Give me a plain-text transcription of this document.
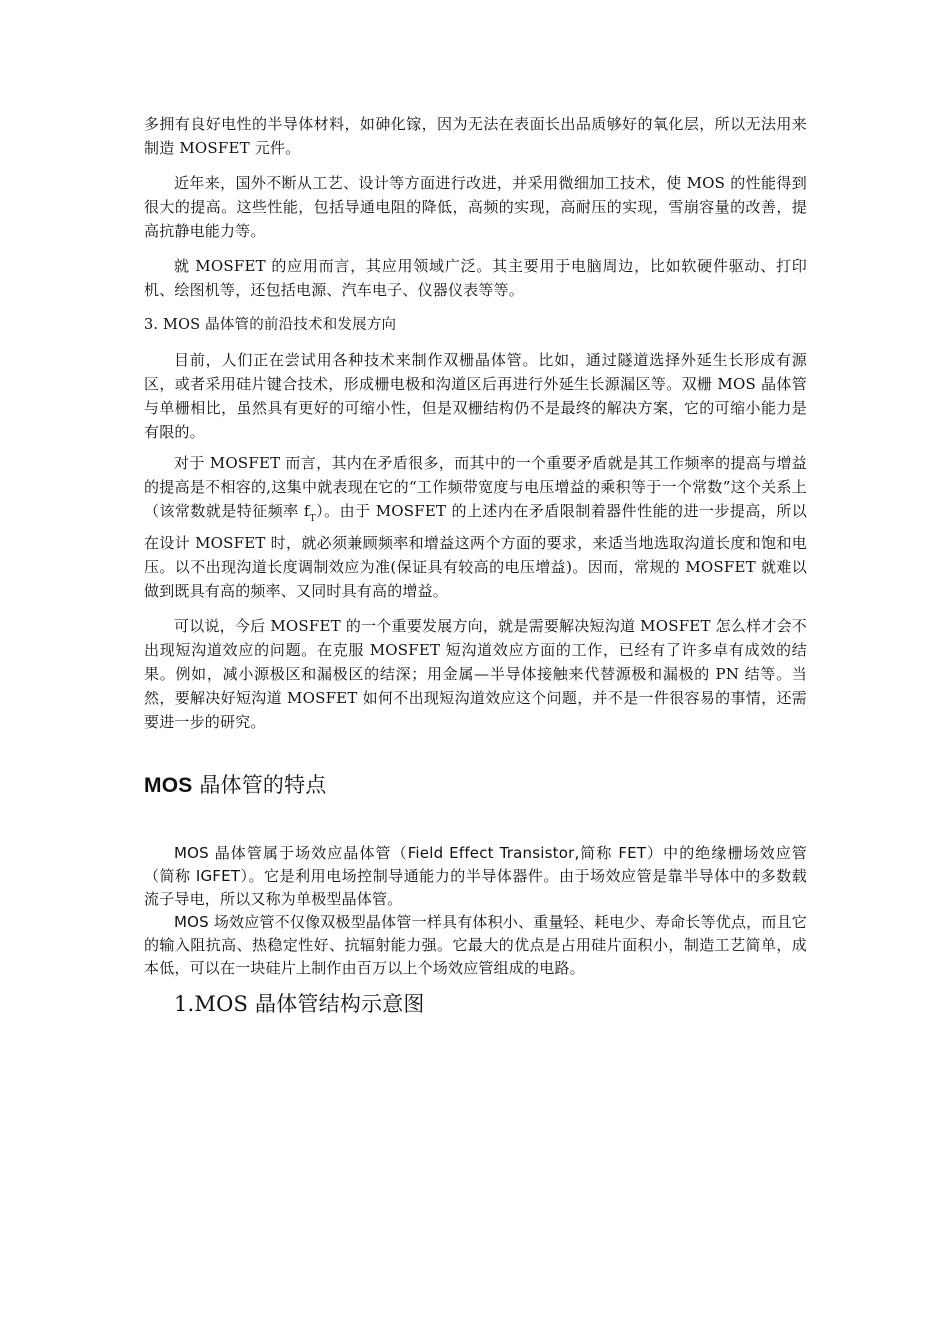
多拥有良好电性的半导体材料，如砷化镓，因为无法在表面长出品质够好的氧化层，所以无法用来制造 MOSFET 元件。

近年来，国外不断从工艺、设计等方面进行改进，并采用微细加工技术，使 MOS 的性能得到很大的提高。这些性能，包括导通电阻的降低，高频的实现，高耐压的实现，雪崩容量的改善，提高抗静电能力等。

就 MOSFET 的应用而言，其应用领域广泛。其主要用于电脑周边，比如软硬件驱动、打印机、绘图机等，还包括电源、汽车电子、仪器仪表等等。

3. MOS 晶体管的前沿技术和发展方向

目前，人们正在尝试用各种技术来制作双栅晶体管。比如，通过隧道选择外延生长形成有源区，或者采用硅片键合技术，形成栅电极和沟道区后再进行外延生长源漏区等。双栅 MOS 晶体管与单栅相比，虽然具有更好的可缩小性，但是双栅结构仍不是最终的解决方案，它的可缩小能力是有限的。

对于 MOSFET 而言，其内在矛盾很多，而其中的一个重要矛盾就是其工作频率的提高与增益的提高是不相容的,这集中就表现在它的“工作频带宽度与电压增益的乘积等于一个常数”这个关系上（该常数就是特征频率 $f_T$）。由于 MOSFET 的上述内在矛盾限制着器件性能的进一步提高，所以在设计 MOSFET 时，就必须兼顾频率和增益这两个方面的要求，来适当地选取沟道长度和饱和电压。以不出现沟道长度调制效应为准(保证具有较高的电压增益)。因而，常规的 MOSFET 就难以做到既具有高的频率、又同时具有高的增益。

可以说，今后 MOSFET 的一个重要发展方向，就是需要解决短沟道 MOSFET 怎么样才会不出现短沟道效应的问题。在克服 MOSFET 短沟道效应方面的工作，已经有了许多卓有成效的结果。例如，减小源极区和漏极区的结深；用金属—半导体接触来代替源极和漏极的 PN 结等。当然，要解决好短沟道 MOSFET 如何不出现短沟道效应这个问题，并不是一件很容易的事情，还需要进一步的研究。

MOS 晶体管的特点

MOS 晶体管属于场效应晶体管（Field Effect Transistor,简称 FET）中的绝缘栅场效应管（简称 IGFET）。它是利用电场控制导通能力的半导体器件。由于场效应管是靠半导体中的多数载流子导电，所以又称为单极型晶体管。

MOS 场效应管不仅像双极型晶体管一样具有体积小、重量轻、耗电少、寿命长等优点，而且它的输入阻抗高、热稳定性好、抗辐射能力强。它最大的优点是占用硅片面积小，制造工艺简单，成本低，可以在一块硅片上制作由百万以上个场效应管组成的电路。

1.MOS 晶体管结构示意图
